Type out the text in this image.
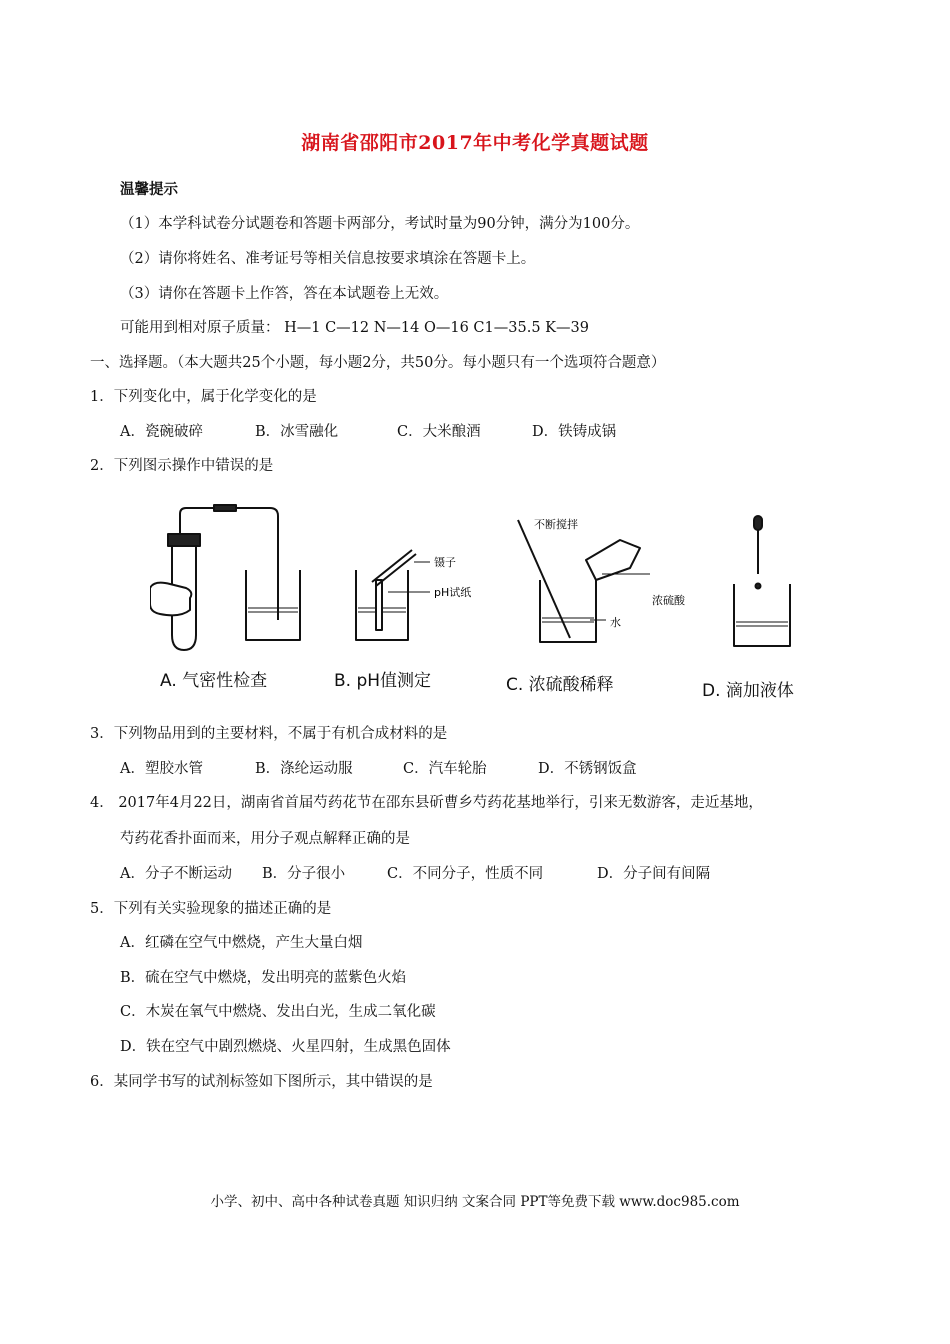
湖南省邵阳市2017年中考化学真题试题
温馨提示
（1）本学科试卷分试题卷和答题卡两部分，考试时量为90分钟，满分为100分。
（2）请你将姓名、准考证号等相关信息按要求填涂在答题卡上。
（3）请你在答题卡上作答，答在本试题卷上无效。
可能用到相对原子质量： H—1 C—12 N—14 O—16 C1—35.5 K—39
一、选择题。（本大题共25个小题，每小题2分，共50分。每小题只有一个选项符合题意）
1．下列变化中，属于化学变化的是
A．瓷碗破碎	B．冰雪融化	C．大米酿酒	D．铁铸成锅
2．下列图示操作中错误的是
镊子
pH试纸
不断搅拌
浓硫酸
水
A. 气密性检查	B. pH值测定	C. 浓硫酸稀释	D. 滴加液体
3．下列物品用到的主要材料，不属于有机合成材料的是
A．塑胶水管	B．涤纶运动服	C．汽车轮胎	D．不锈钢饭盒
4． 2017年4月22日，湖南省首届芍药花节在邵东县斫曹乡芍药花基地举行，引来无数游客，走近基地，
芍药花香扑面而来，用分子观点解释正确的是
A．分子不断运动 B．分子很小	C．不同分子，性质不同	D．分子间有间隔
5．下列有关实验现象的描述正确的是
A．红磷在空气中燃烧，产生大量白烟
B．硫在空气中燃烧，发出明亮的蓝紫色火焰
C．木炭在氧气中燃烧、发出白光，生成二氧化碳
D．铁在空气中剧烈燃烧、火星四射，生成黑色固体
6．某同学书写的试剂标签如下图所示，其中错误的是
小学、初中、高中各种试卷真题 知识归纳 文案合同 PPT等免费下载 www.doc985.com
